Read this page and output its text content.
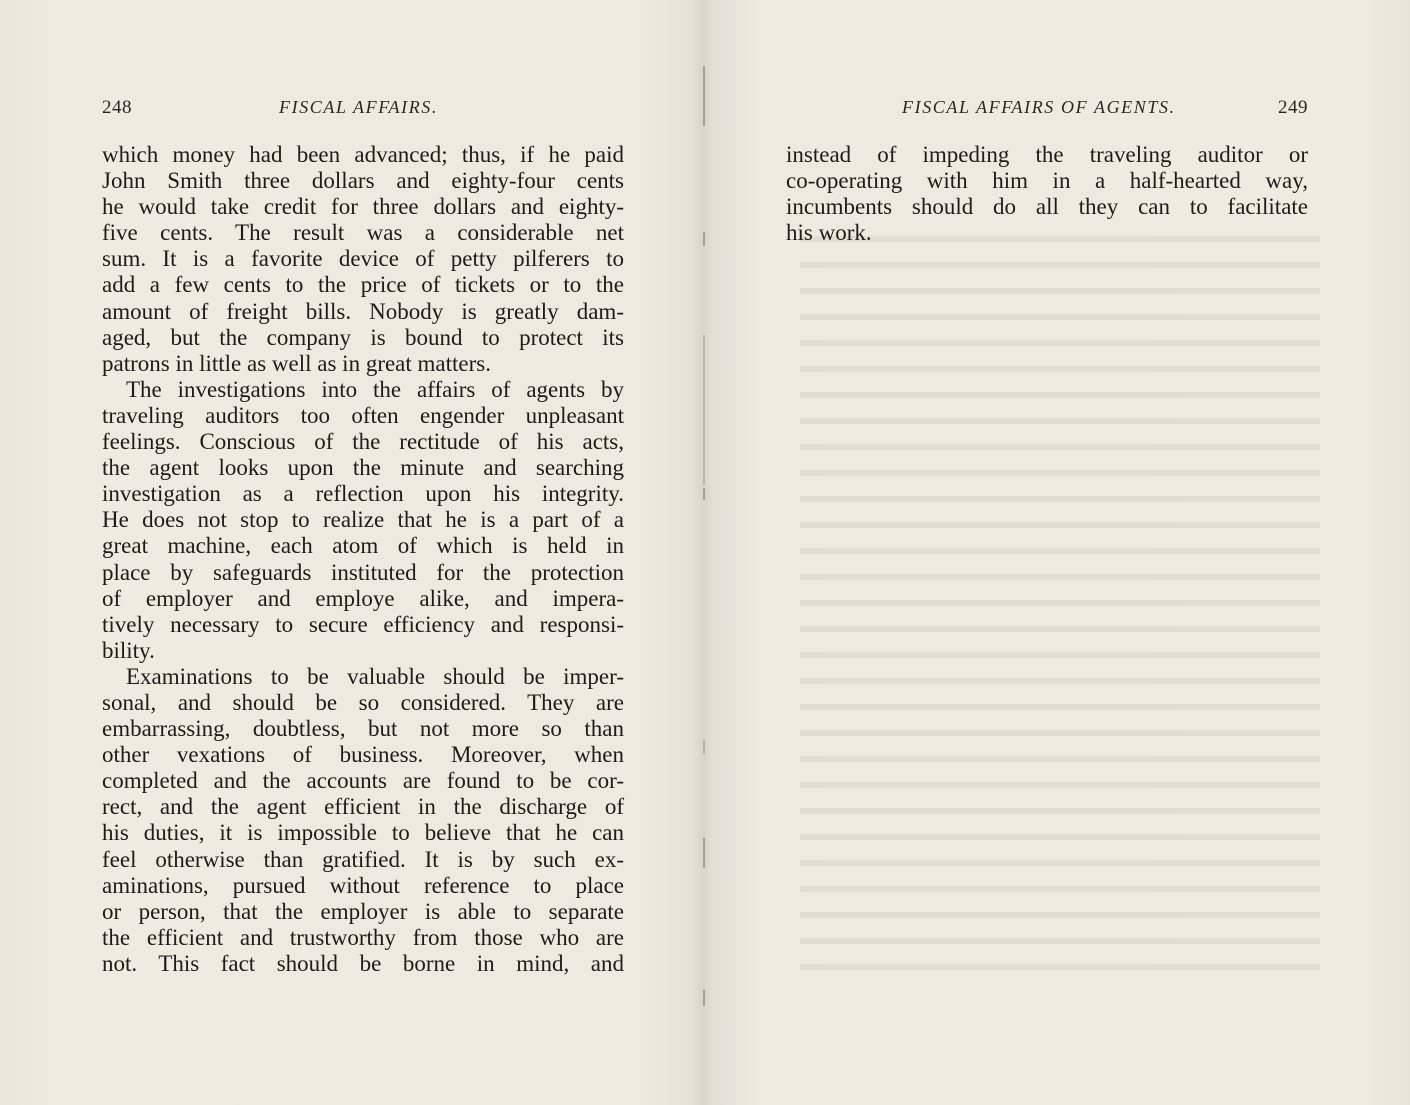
248	FISCAL AFFAIRS.
which money had been advanced; thus, if he paid
John Smith three dollars and eighty-four cents
he would take credit for three dollars and eighty-
five cents. The result was a considerable net
sum. It is a favorite device of petty pilferers to
add a few cents to the price of tickets or to the
amount of freight bills. Nobody is greatly dam-
aged, but the company is bound to protect its
patrons in little as well as in great matters.
The investigations into the affairs of agents by
traveling auditors too often engender unpleasant
feelings. Conscious of the rectitude of his acts,
the agent looks upon the minute and searching
investigation as a reflection upon his integrity.
He does not stop to realize that he is a part of a
great machine, each atom of which is held in
place by safeguards instituted for the protection
of employer and employe alike, and impera-
tively necessary to secure efficiency and responsi-
bility.
Examinations to be valuable should be imper-
sonal, and should be so considered. They are
embarrassing, doubtless, but not more so than
other vexations of business. Moreover, when
completed and the accounts are found to be cor-
rect, and the agent efficient in the discharge of
his duties, it is impossible to believe that he can
feel otherwise than gratified. It is by such ex-
aminations, pursued without reference to place
or person, that the employer is able to separate
the efficient and trustworthy from those who are
not. This fact should be borne in mind, and
FISCAL AFFAIRS OF AGENTS.	249
instead of impeding the traveling auditor or
co-operating with him in a half-hearted way,
incumbents should do all they can to facilitate
his work.
